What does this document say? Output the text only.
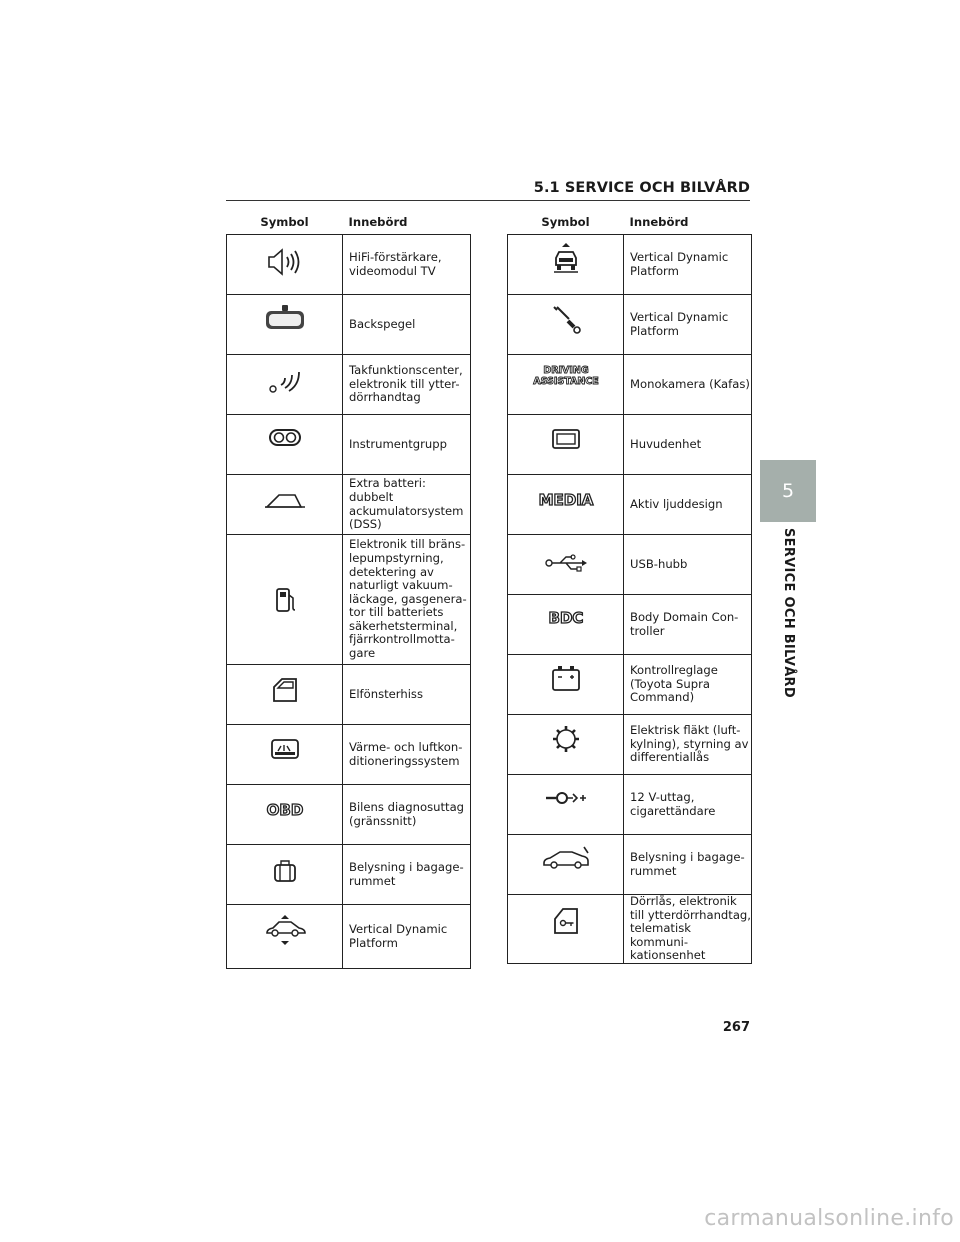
5.1 SERVICE OCH BILVÅRD
Symbol	Innebörd

HiFi-förstärkare, videomodul TV

Backspegel

Takfunktionscenter, elektronik till ytter-dörrhandtag

Instrumentgrupp

Extra batteri: dubbelt ackumulatorsystem (DSS)

Elektronik till bräns-lepumpstyrning, detektering av naturligt vakuum-läckage, gasgenera-tor till batteriets säkerhetsterminal, fjärrkontrollmotta-gare

Elfönsterhiss

Värme- och luftkon-ditioneringssystem

OBD	Bilens diagnosuttag (gränssnitt)

Belysning i bagage-rummet

Vertical Dynamic Platform
Symbol	Innebörd

Vertical Dynamic Platform

Vertical Dynamic Platform

DRIVING
ASSISTANCE	Monokamera (Kafas)

Huvudenhet

MEDIA	Aktiv ljuddesign

USB-hubb

BDC	Body Domain Con-troller

Kontrollreglage (Toyota Supra Command)

Elektrisk fläkt (luft-kylning), styrning av differentiallås

12 V-uttag, cigarettändare

Belysning i bagage-rummet

Dörrlås, elektronik till ytterdörrhandtag, telematisk kommuni-kationsenhet
5
SERVICE OCH BILVÅRD
267
carmanualsonline.info
